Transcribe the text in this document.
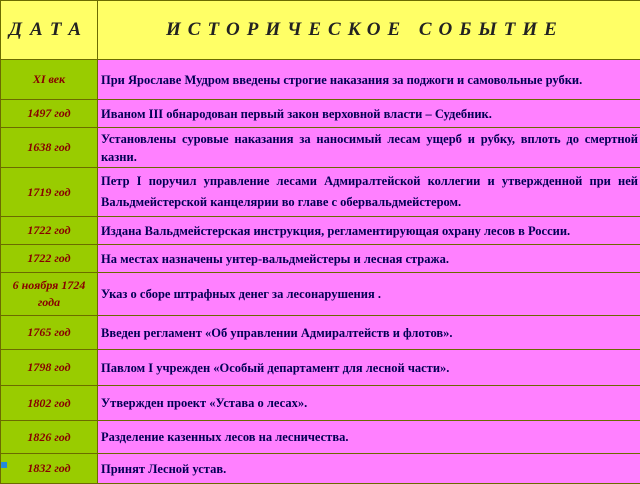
ДАТА	ИСТОРИЧЕСКОЕ СОБЫТИЕ
XI век	При Ярославе Мудром введены строгие наказания за поджоги и самовольные рубки.
1497 год	Иваном III обнародован первый закон верховной власти – Судебник.
1638 год	Установлены суровые наказания за наносимый лесам ущерб и рубку, вплоть до смертной казни.
1719 год	Петр I поручил управление лесами Адмиралтейской коллегии и утвержденной при ней Вальдмейстерской канцелярии во главе с обервальдмейстером.
1722 год	Издана Вальдмейстерская инструкция, регламентирующая охрану лесов в России.
1722 год	На местах назначены унтер-вальдмейстеры и лесная стража.
6 ноября 1724 года	Указ о сборе штрафных денег за лесонарушения .
1765 год	Введен регламент «Об управлении Адмиралтейств и флотов».
1798 год	Павлом I учрежден «Особый департамент для лесной части».
1802 год	Утвержден проект «Устава о лесах».
1826 год	Разделение казенных лесов на лесничества.
1832 год	Принят Лесной устав.
▪
